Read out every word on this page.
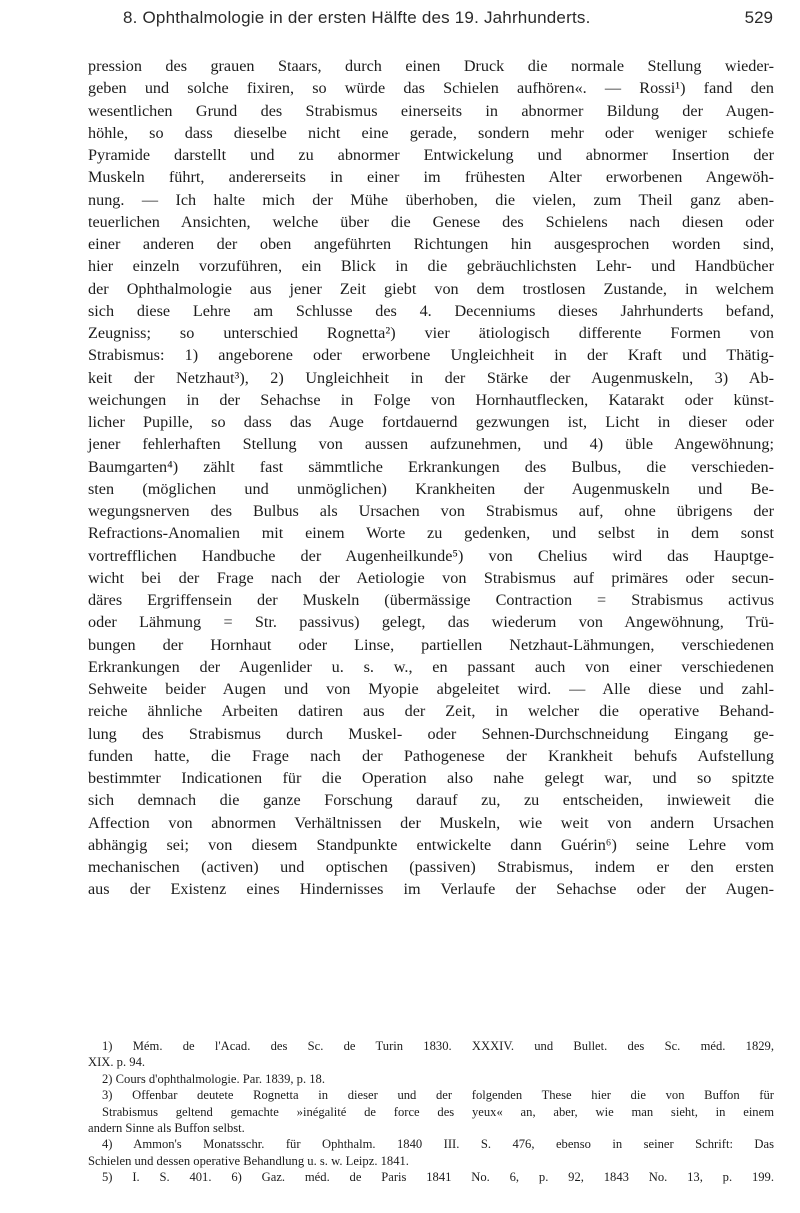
8. Ophthalmologie in der ersten Hälfte des 19. Jahrhunderts.	529
pression des grauen Staars, durch einen Druck die normale Stellung wieder-
geben und solche fixiren, so würde das Schielen aufhören«. — Rossi¹) fand den
wesentlichen Grund des Strabismus einerseits in abnormer Bildung der Augen-
höhle, so dass dieselbe nicht eine gerade, sondern mehr oder weniger schiefe
Pyramide darstellt und zu abnormer Entwickelung und abnormer Insertion der
Muskeln führt, andererseits in einer im frühesten Alter erworbenen Angewöh-
nung. — Ich halte mich der Mühe überhoben, die vielen, zum Theil ganz aben-
teuerlichen Ansichten, welche über die Genese des Schielens nach diesen oder
einer anderen der oben angeführten Richtungen hin ausgesprochen worden sind,
hier einzeln vorzuführen, ein Blick in die gebräuchlichsten Lehr- und Handbücher
der Ophthalmologie aus jener Zeit giebt von dem trostlosen Zustande, in welchem
sich diese Lehre am Schlusse des 4. Decenniums dieses Jahrhunderts befand,
Zeugniss; so unterschied Rognetta²) vier ätiologisch differente Formen von
Strabismus: 1) angeborene oder erworbene Ungleichheit in der Kraft und Thätig-
keit der Netzhaut³), 2) Ungleichheit in der Stärke der Augenmuskeln, 3) Ab-
weichungen in der Sehachse in Folge von Hornhautflecken, Katarakt oder künst-
licher Pupille, so dass das Auge fortdauernd gezwungen ist, Licht in dieser oder
jener fehlerhaften Stellung von aussen aufzunehmen, und 4) üble Angewöhnung;
Baumgarten⁴) zählt fast sämmtliche Erkrankungen des Bulbus, die verschieden-
sten (möglichen und unmöglichen) Krankheiten der Augenmuskeln und Be-
wegungsnerven des Bulbus als Ursachen von Strabismus auf, ohne übrigens der
Refractions-Anomalien mit einem Worte zu gedenken, und selbst in dem sonst
vortrefflichen Handbuche der Augenheilkunde⁵) von Chelius wird das Hauptge-
wicht bei der Frage nach der Aetiologie von Strabismus auf primäres oder secun-
däres Ergriffensein der Muskeln (übermässige Contraction = Strabismus activus
oder Lähmung = Str. passivus) gelegt, das wiederum von Angewöhnung, Trü-
bungen der Hornhaut oder Linse, partiellen Netzhaut-Lähmungen, verschiedenen
Erkrankungen der Augenlider u. s. w., en passant auch von einer verschiedenen
Sehweite beider Augen und von Myopie abgeleitet wird. — Alle diese und zahl-
reiche ähnliche Arbeiten datiren aus der Zeit, in welcher die operative Behand-
lung des Strabismus durch Muskel- oder Sehnen-Durchschneidung Eingang ge-
funden hatte, die Frage nach der Pathogenese der Krankheit behufs Aufstellung
bestimmter Indicationen für die Operation also nahe gelegt war, und so spitzte
sich demnach die ganze Forschung darauf zu, zu entscheiden, inwieweit die
Affection von abnormen Verhältnissen der Muskeln, wie weit von andern Ursachen
abhängig sei; von diesem Standpunkte entwickelte dann Guérin⁶) seine Lehre vom
mechanischen (activen) und optischen (passiven) Strabismus, indem er den ersten
aus der Existenz eines Hindernisses im Verlaufe der Sehachse oder der Augen-
1) Mém. de l'Acad. des Sc. de Turin 1830. XXXIV. und Bullet. des Sc. méd. 1829,
XIX. p. 94.
2) Cours d'ophthalmologie. Par. 1839, p. 18.
3) Offenbar deutete Rognetta in dieser und der folgenden These hier die von Buffon für
Strabismus geltend gemachte »inégalité de force des yeux« an, aber, wie man sieht, in einem
andern Sinne als Buffon selbst.
4) Ammon's Monatsschr. für Ophthalm. 1840 III. S. 476, ebenso in seiner Schrift: Das
Schielen und dessen operative Behandlung u. s. w. Leipz. 1841.
5) I. S. 401. 6) Gaz. méd. de Paris 1841 No. 6, p. 92, 1843 No. 13, p. 199.
